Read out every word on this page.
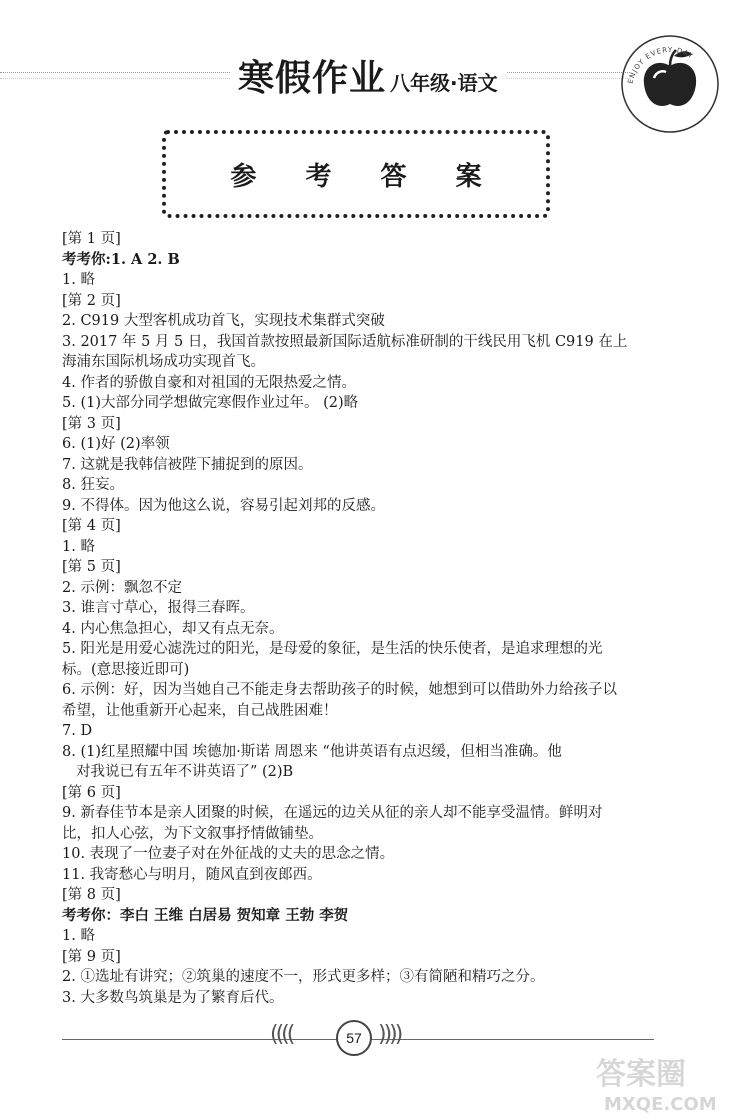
寒假作业 八年级·语文	ENJOY EVERY DAY
参 考 答 案
[第 1 页]
考考你:1. A 2. B
1. 略
[第 2 页]
2. C919 大型客机成功首飞，实现技术集群式突破
3. 2017 年 5 月 5 日，我国首款按照最新国际适航标准研制的干线民用飞机 C919 在上
海浦东国际机场成功实现首飞。
4. 作者的骄傲自豪和对祖国的无限热爱之情。
5. (1)大部分同学想做完寒假作业过年。 (2)略
[第 3 页]
6. (1)好 (2)率领
7. 这就是我韩信被陛下捕捉到的原因。
8. 狂妄。
9. 不得体。因为他这么说，容易引起刘邦的反感。
[第 4 页]
1. 略
[第 5 页]
2. 示例：飘忽不定
3. 谁言寸草心，报得三春晖。
4. 内心焦急担心，却又有点无奈。
5. 阳光是用爱心滤洗过的阳光，是母爱的象征，是生活的快乐使者，是追求理想的光
标。(意思接近即可)
6. 示例：好，因为当她自己不能走身去帮助孩子的时候，她想到可以借助外力给孩子以
希望，让他重新开心起来，自己战胜困难！
7. D
8. (1)红星照耀中国 埃德加·斯诺 周恩来 “他讲英语有点迟缓，但相当准确。他
对我说已有五年不讲英语了” (2)B
[第 6 页]
9. 新春佳节本是亲人团聚的时候，在遥远的边关从征的亲人却不能享受温情。鲜明对
比，扣人心弦，为下文叙事抒情做铺垫。
10. 表现了一位妻子对在外征战的丈夫的思念之情。
11. 我寄愁心与明月，随风直到夜郎西。
[第 8 页]
考考你：李白 王维 白居易 贺知章 王勃 李贺
1. 略
[第 9 页]
2. ①选址有讲究；②筑巢的速度不一，形式更多样；③有简陋和精巧之分。
3. 大多数鸟筑巢是为了繁育后代。
((((	))))
57
答案圈
MXQE.COM
